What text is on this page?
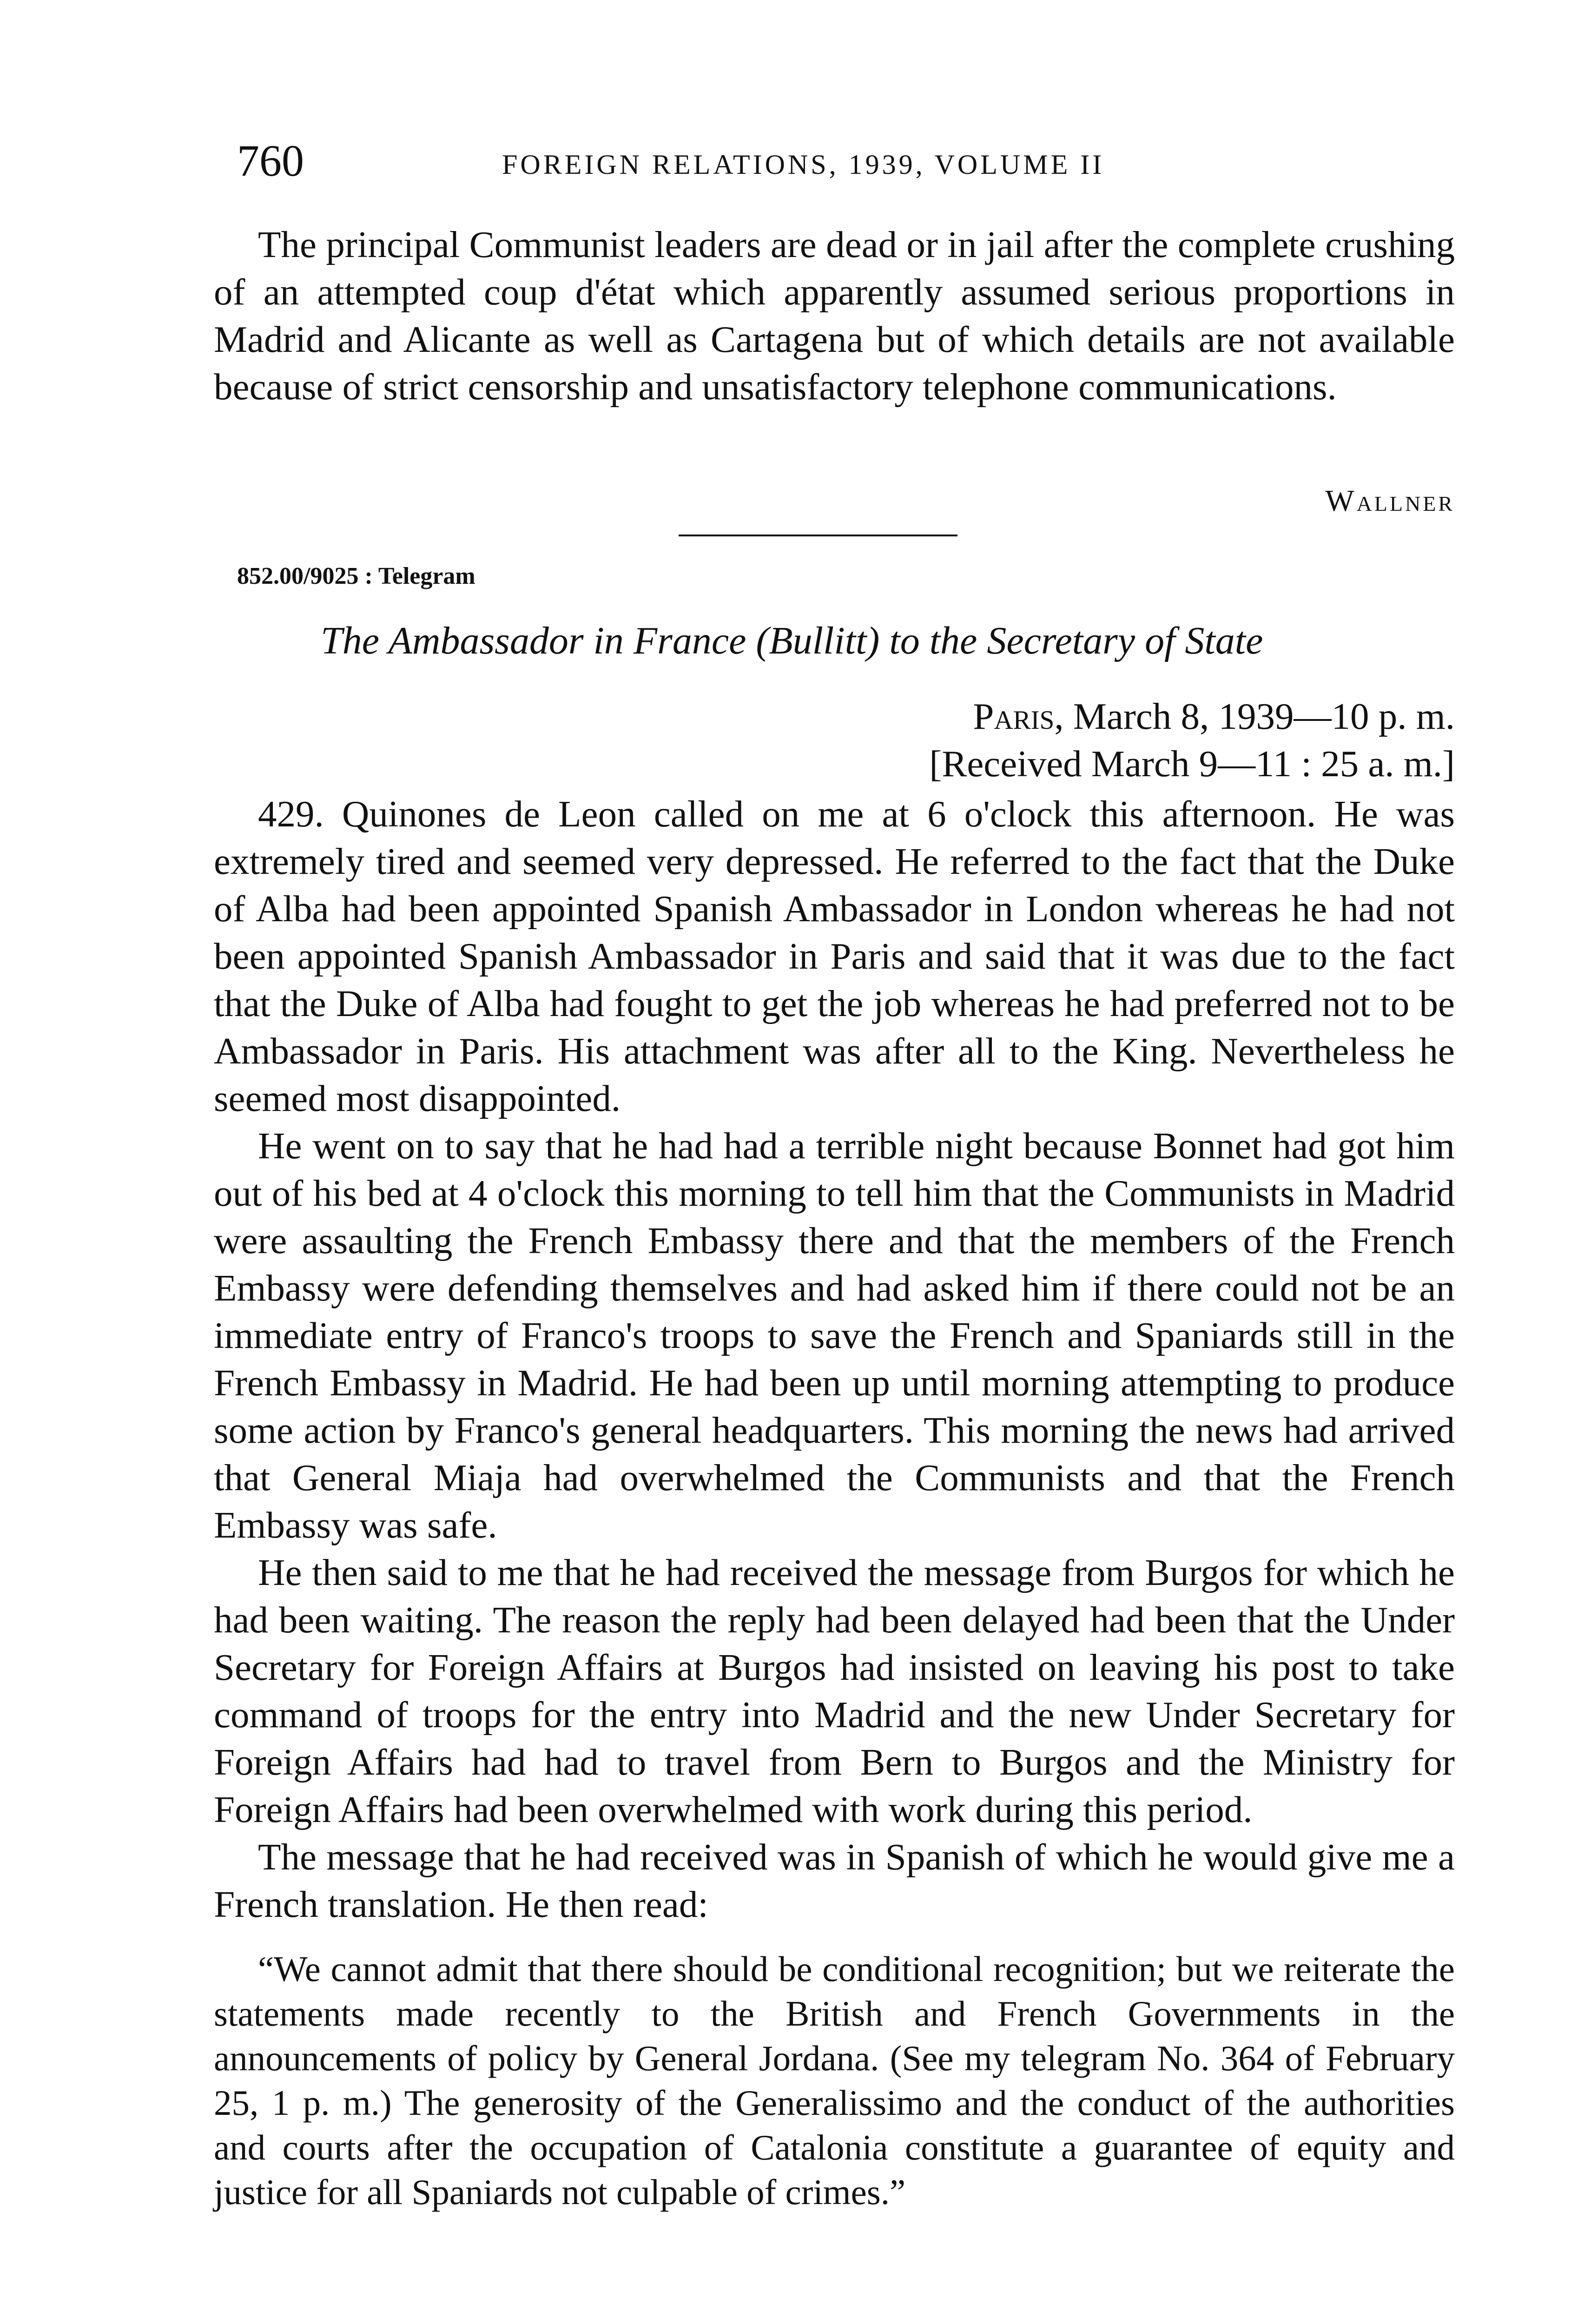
760	FOREIGN RELATIONS, 1939, VOLUME II

The principal Communist leaders are dead or in jail after the complete crushing of an attempted coup d'état which apparently assumed serious proportions in Madrid and Alicante as well as Cartagena but of which details are not available because of strict censorship and unsatisfactory telephone communications.

Wallner
852.00/9025 : Telegram
The Ambassador in France (Bullitt) to the Secretary of State
Paris, March 8, 1939—10 p. m.
[Received March 9—11 : 25 a. m.]

429. Quinones de Leon called on me at 6 o'clock this afternoon. He was extremely tired and seemed very depressed. He referred to the fact that the Duke of Alba had been appointed Spanish Ambassador in London whereas he had not been appointed Spanish Ambassador in Paris and said that it was due to the fact that the Duke of Alba had fought to get the job whereas he had preferred not to be Ambassador in Paris. His attachment was after all to the King. Nevertheless he seemed most disappointed.

He went on to say that he had had a terrible night because Bonnet had got him out of his bed at 4 o'clock this morning to tell him that the Communists in Madrid were assaulting the French Embassy there and that the members of the French Embassy were defending themselves and had asked him if there could not be an immediate entry of Franco's troops to save the French and Spaniards still in the French Embassy in Madrid. He had been up until morning attempting to produce some action by Franco's general headquarters. This morning the news had arrived that General Miaja had overwhelmed the Communists and that the French Embassy was safe.

He then said to me that he had received the message from Burgos for which he had been waiting. The reason the reply had been delayed had been that the Under Secretary for Foreign Affairs at Burgos had insisted on leaving his post to take command of troops for the entry into Madrid and the new Under Secretary for Foreign Affairs had had to travel from Bern to Burgos and the Ministry for Foreign Affairs had been overwhelmed with work during this period.

The message that he had received was in Spanish of which he would give me a French translation. He then read:

“We cannot admit that there should be conditional recognition; but we reiterate the statements made recently to the British and French Governments in the announcements of policy by General Jordana. (See my telegram No. 364 of February 25, 1 p. m.) The generosity of the Generalissimo and the conduct of the authorities and courts after the occupation of Catalonia constitute a guarantee of equity and justice for all Spaniards not culpable of crimes.”
